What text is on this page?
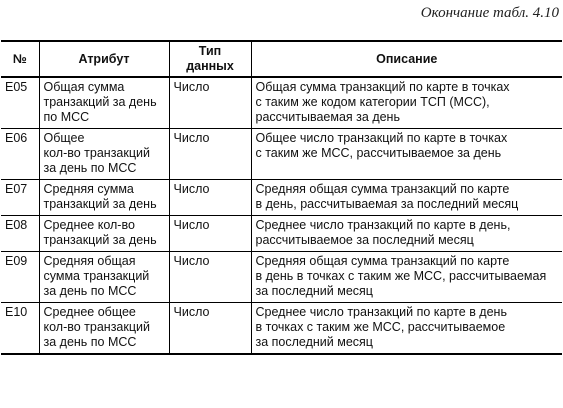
Окончание табл. 4.10
№	Атрибут	Тип данных	Описание

E05	Общая сумма
транзакций за день
по MCC	Число	Общая сумма транзакций по карте в точках
с таким же кодом категории ТСП (MCC),
рассчитываемая за день

E06	Общее
кол-во транзакций
за день по MCC	Число	Общее число транзакций по карте в точках
с таким же MCC, рассчитываемое за день

E07	Средняя сумма
транзакций за день	Число	Средняя общая сумма транзакций по карте
в день, рассчитываемая за последний месяц

E08	Среднее кол-во
транзакций за день	Число	Среднее число транзакций по карте в день,
рассчитываемое за последний месяц

E09	Средняя общая
сумма транзакций
за день по MCC	Число	Средняя общая сумма транзакций по карте
в день в точках с таким же MCC, рассчитываемая
за последний месяц

E10	Среднее общее
кол-во транзакций
за день по MCC	Число	Среднее число транзакций по карте в день
в точках с таким же MCC, рассчитываемое
за последний месяц
